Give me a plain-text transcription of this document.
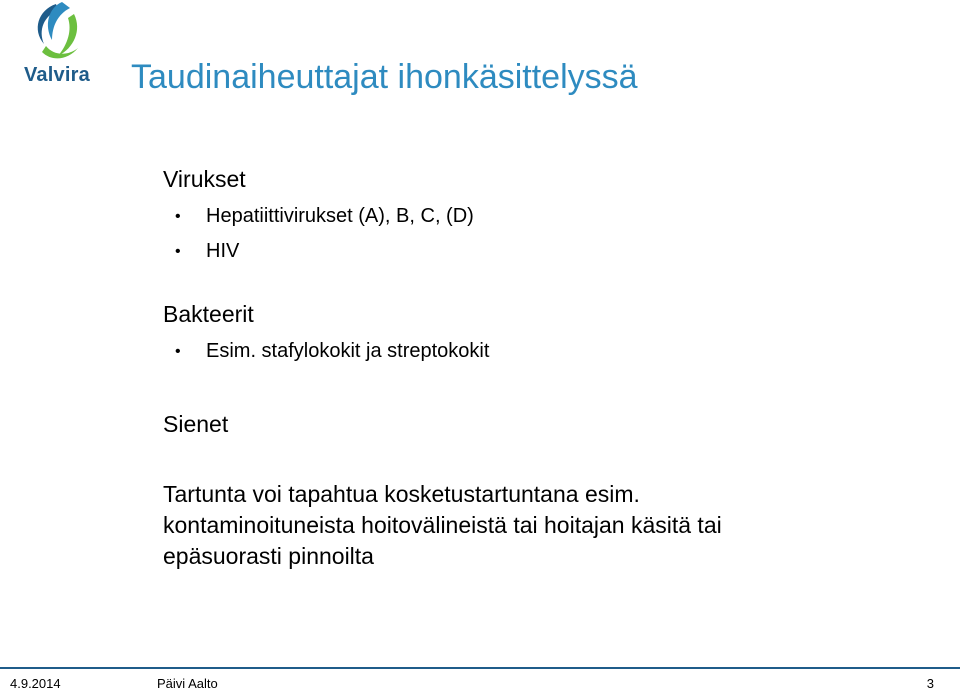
Valvira Taudinaiheuttajat ihonkäsittelyssä

Virukset

• Hepatiittivirukset (A), B, C, (D)
• HIV

Bakteerit

• Esim. stafylokokit ja streptokokit

Sienet

Tartunta voi tapahtua kosketustartuntana esim. kontaminoituneista hoitovälineistä tai hoitajan käsitä tai epäsuorasti pinnoilta

4.9.2014	Päivi Aalto	3
